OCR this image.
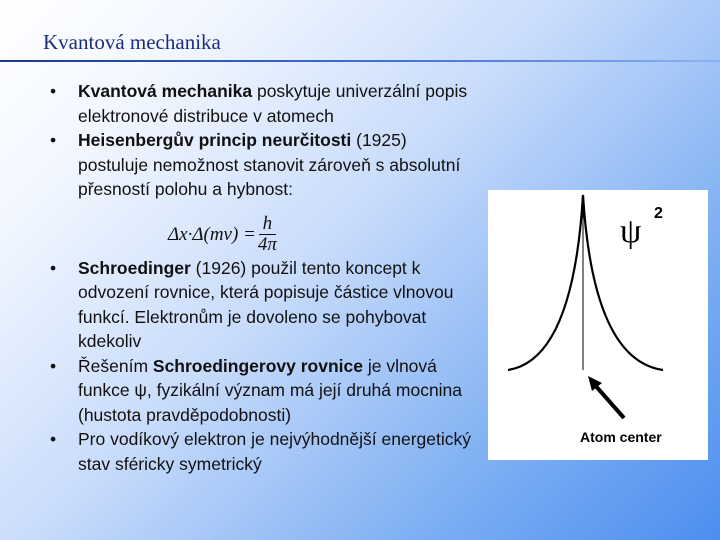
Kvantová mechanika
• Kvantová mechanika poskytuje univerzální popis elektronové distribuce v atomech
• Heisenbergův princip neurčitosti (1925) postuluje nemožnost stanovit zároveň s absolutní přesností polohu a hybnost:
• Schroedinger (1926) použil tento koncept k odvození rovnice, která popisuje částice vlnovou funkcí. Elektronům je dovoleno se pohybovat kdekoliv
• Řešením Schroedingerovy rovnice je vlnová funkce ψ, fyzikální význam má její druhá mocnina (hustota pravděpodobnosti)
• Pro vodíkový elektron je nejvýhodnější energetický stav sféricky symetrický
$\Delta x\cdot\Delta(mv) = \frac{h}{4\pi}$	ψ 2
Atom center
